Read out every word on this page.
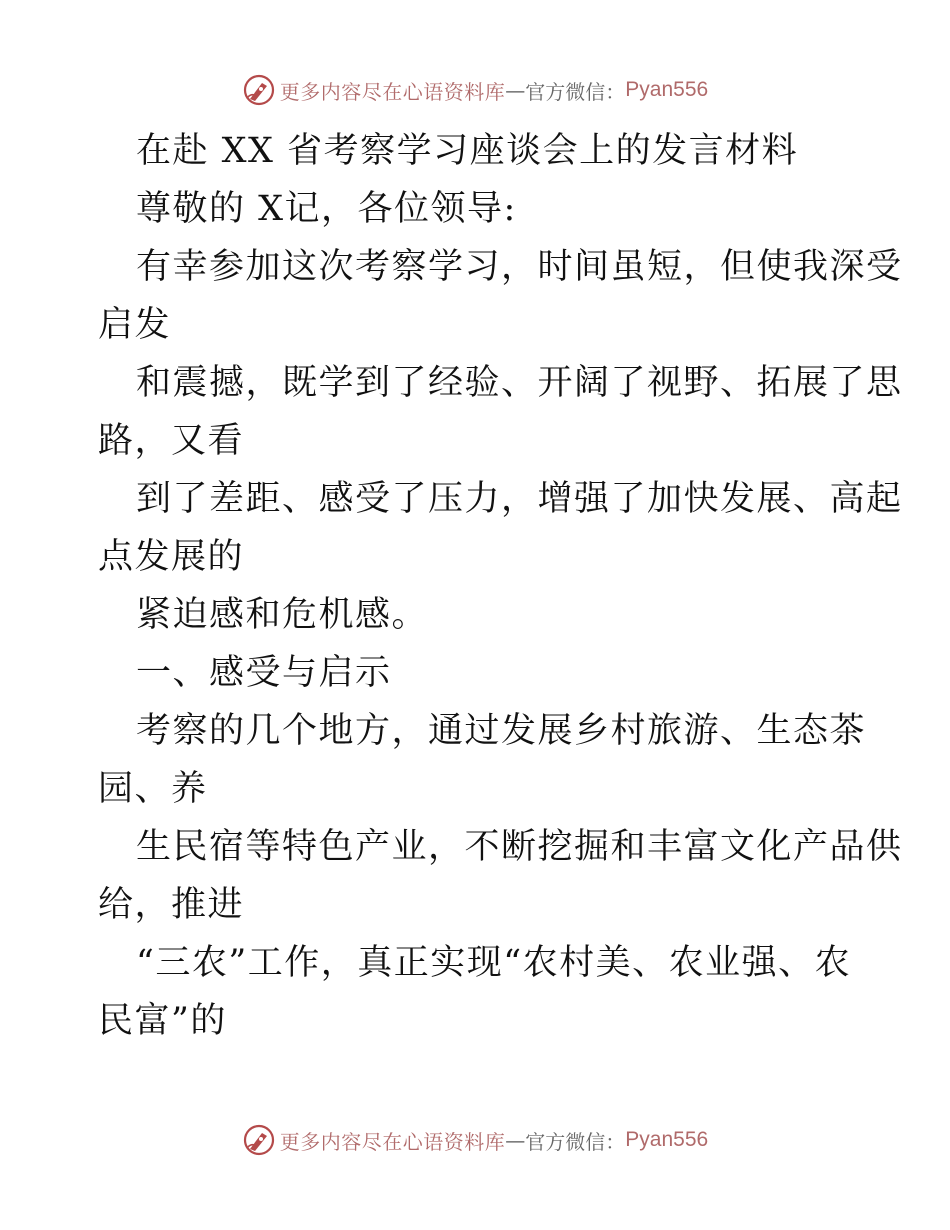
更多内容尽在心语资料库 — 官方微信： Pyan556
在赴 XX 省考察学习座谈会上的发言材料
尊敬的 X记，各位领导:
有幸参加这次考察学习，时间虽短，但使我深受
启发
和震撼，既学到了经验、开阔了视野、拓展了思
路，又看
到了差距、感受了压力，增强了加快发展、高起
点发展的
紧迫感和危机感。
一、感受与启示
考察的几个地方，通过发展乡村旅游、生态茶
园、养
生民宿等特色产业，不断挖掘和丰富文化产品供
给，推进
“三农”工作，真正实现“农村美、农业强、农
民富”的
更多内容尽在心语资料库 — 官方微信： Pyan556
